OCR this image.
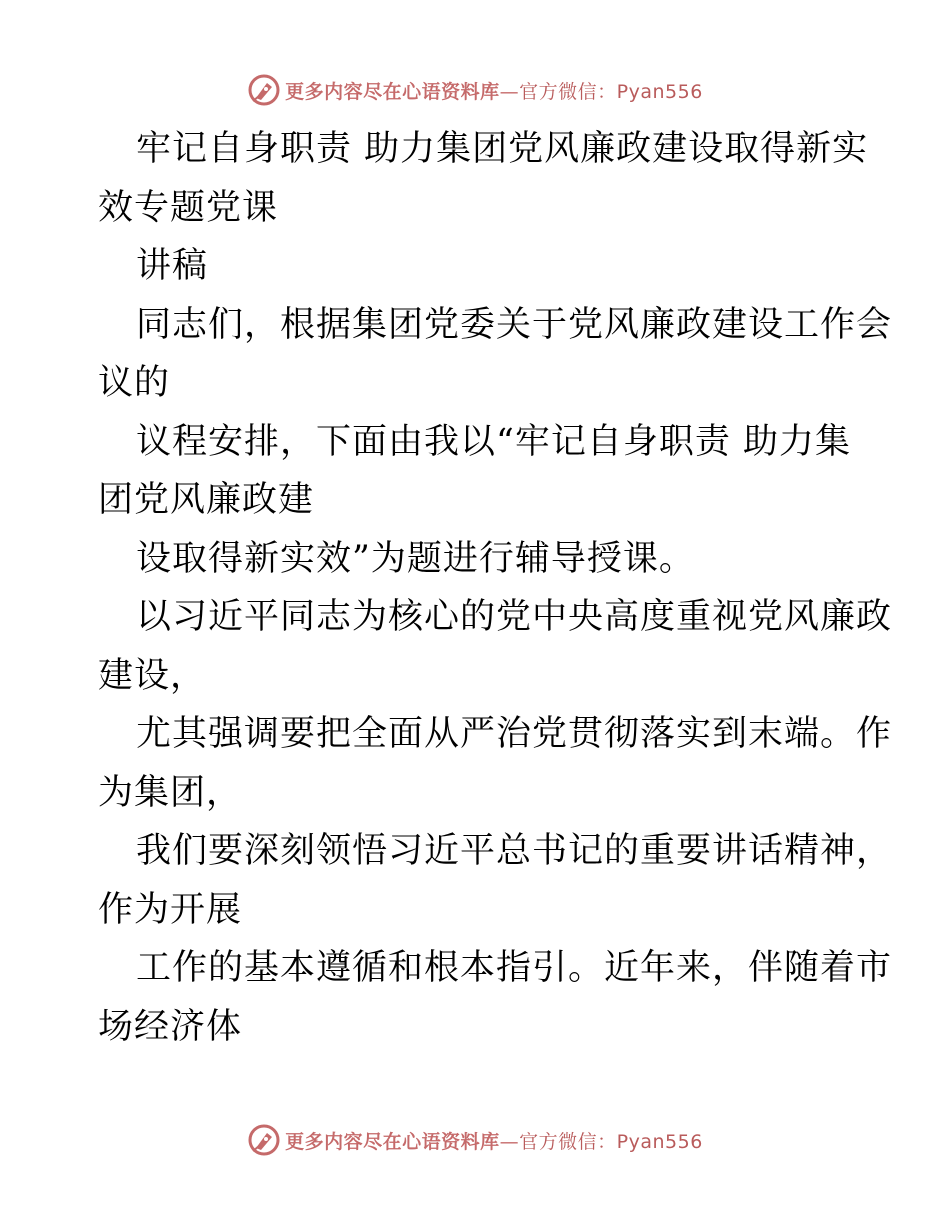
更多内容尽在心语资料库—官方微信：Pyan556
牢记自身职责 助力集团党风廉政建设取得新实
效专题党课
讲稿
同志们，根据集团党委关于党风廉政建设工作会
议的
议程安排，下面由我以“牢记自身职责 助力集
团党风廉政建
设取得新实效”为题进行辅导授课。
以习近平同志为核心的党中央高度重视党风廉政
建设，
尤其强调要把全面从严治党贯彻落实到末端。作
为集团，
我们要深刻领悟习近平总书记的重要讲话精神，
作为开展
工作的基本遵循和根本指引。近年来，伴随着市
场经济体
更多内容尽在心语资料库—官方微信：Pyan556
